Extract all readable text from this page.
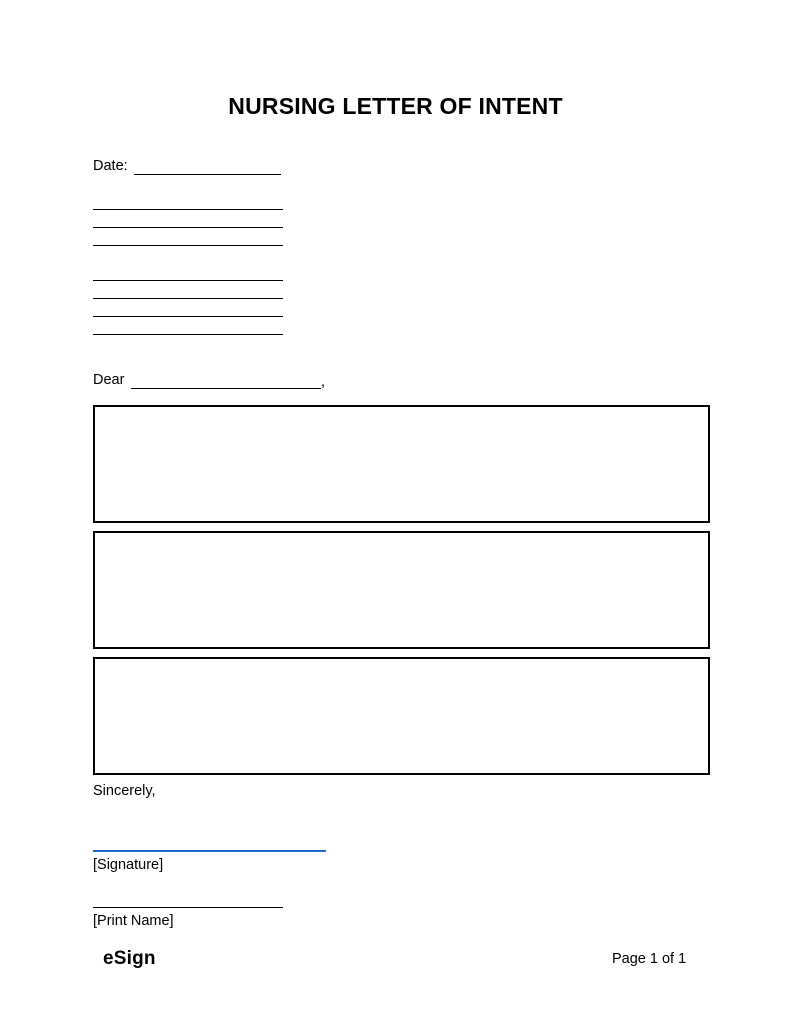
NURSING LETTER OF INTENT
Date:
Dear	,
Sincerely,
[Signature]
[Print Name]
eSign	Page 1 of 1
